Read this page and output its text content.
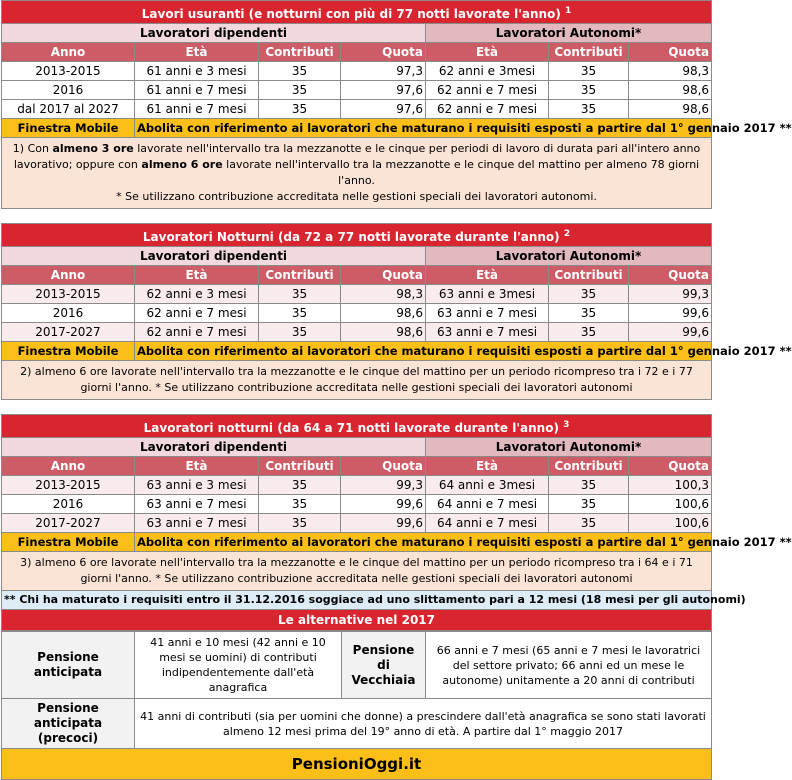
Lavori usuranti (e notturni con più di 77 notti lavorate l'anno) $^1$
Lavoratori dipendenti				Lavoratori Autonomi*		
Anno	Età	Contributi	Quota	Età	Contributi	Quota
2013-2015	61 anni e 3 mesi	35	97,3	62 anni e 3mesi	35	98,3
2016	61 anni e 7 mesi	35	97,6	62 anni e 7 mesi	35	98,6
dal 2017 al 2027	61 anni e 7 mesi	35	97,6	62 anni e 7 mesi	35	98,6
Finestra Mobile	Abolita con riferimento ai lavoratori che maturano i requisiti esposti a partire dal 1° gennaio 2017 **					
1) Con almeno 3 ore lavorate nell'intervallo tra la mezzanotte e le cinque per periodi di lavoro di durata pari all'intero anno lavorativo; oppure con almeno 6 ore lavorate nell'intervallo tra la mezzanotte e le cinque del mattino per almeno 78 giorni l'anno.
* Se utilizzano contribuzione accreditata nelle gestioni speciali dei lavoratori autonomi.						
Lavoratori Notturni (da 72 a 77 notti lavorate durante l'anno) $^2$
Lavoratori dipendenti				Lavoratori Autonomi*		
Anno	Età	Contributi	Quota	Età	Contributi	Quota
2013-2015	62 anni e 3 mesi	35	98,3	63 anni e 3mesi	35	99,3
2016	62 anni e 7 mesi	35	98,6	63 anni e 7 mesi	35	99,6
2017-2027	62 anni e 7 mesi	35	98,6	63 anni e 7 mesi	35	99,6
Finestra Mobile	Abolita con riferimento ai lavoratori che maturano i requisiti esposti a partire dal 1° gennaio 2017 **					
2) almeno 6 ore lavorate nell'intervallo tra la mezzanotte e le cinque del mattino per un periodo ricompreso tra i 72 e i 77 giorni l'anno. * Se utilizzano contribuzione accreditata nelle gestioni speciali dei lavoratori autonomi						
Lavoratori notturni (da 64 a 71 notti lavorate durante l'anno) $^3$
Lavoratori dipendenti				Lavoratori Autonomi*		
Anno	Età	Contributi	Quota	Età	Contributi	Quota
2013-2015	63 anni e 3 mesi	35	99,3	64 anni e 3mesi	35	100,3
2016	63 anni e 7 mesi	35	99,6	64 anni e 7 mesi	35	100,6
2017-2027	63 anni e 7 mesi	35	99,6	64 anni e 7 mesi	35	100,6
Finestra Mobile	Abolita con riferimento ai lavoratori che maturano i requisiti esposti a partire dal 1° gennaio 2017 **					
3) almeno 6 ore lavorate nell'intervallo tra la mezzanotte e le cinque del mattino per un periodo ricompreso tra i 64 e i 71 giorni l'anno. * Se utilizzano contribuzione accreditata nelle gestioni speciali dei lavoratori autonomi						
** Chi ha maturato i requisiti entro il 31.12.2016 soggiace ad uno slittamento pari a 12 mesi (18 mesi per gli autonomi)						
Le alternative nel 2017						
Pensione anticipata	41 anni e 10 mesi (42 anni e 10 mesi se uomini) di contributi indipendentemente dall'età anagrafica	Pensione di Vecchiaia	66 anni e 7 mesi (65 anni e 7 mesi le lavoratrici del settore privato; 66 anni ed un mese le autonome) unitamente a 20 anni di contributi
Pensione anticipata (precoci)	41 anni di contributi (sia per uomini che donne) a prescindere dall'età anagrafica se sono stati lavorati almeno 12 mesi prima del 19° anno di età. A partire dal 1° maggio 2017		
PensioniOggi.it			
